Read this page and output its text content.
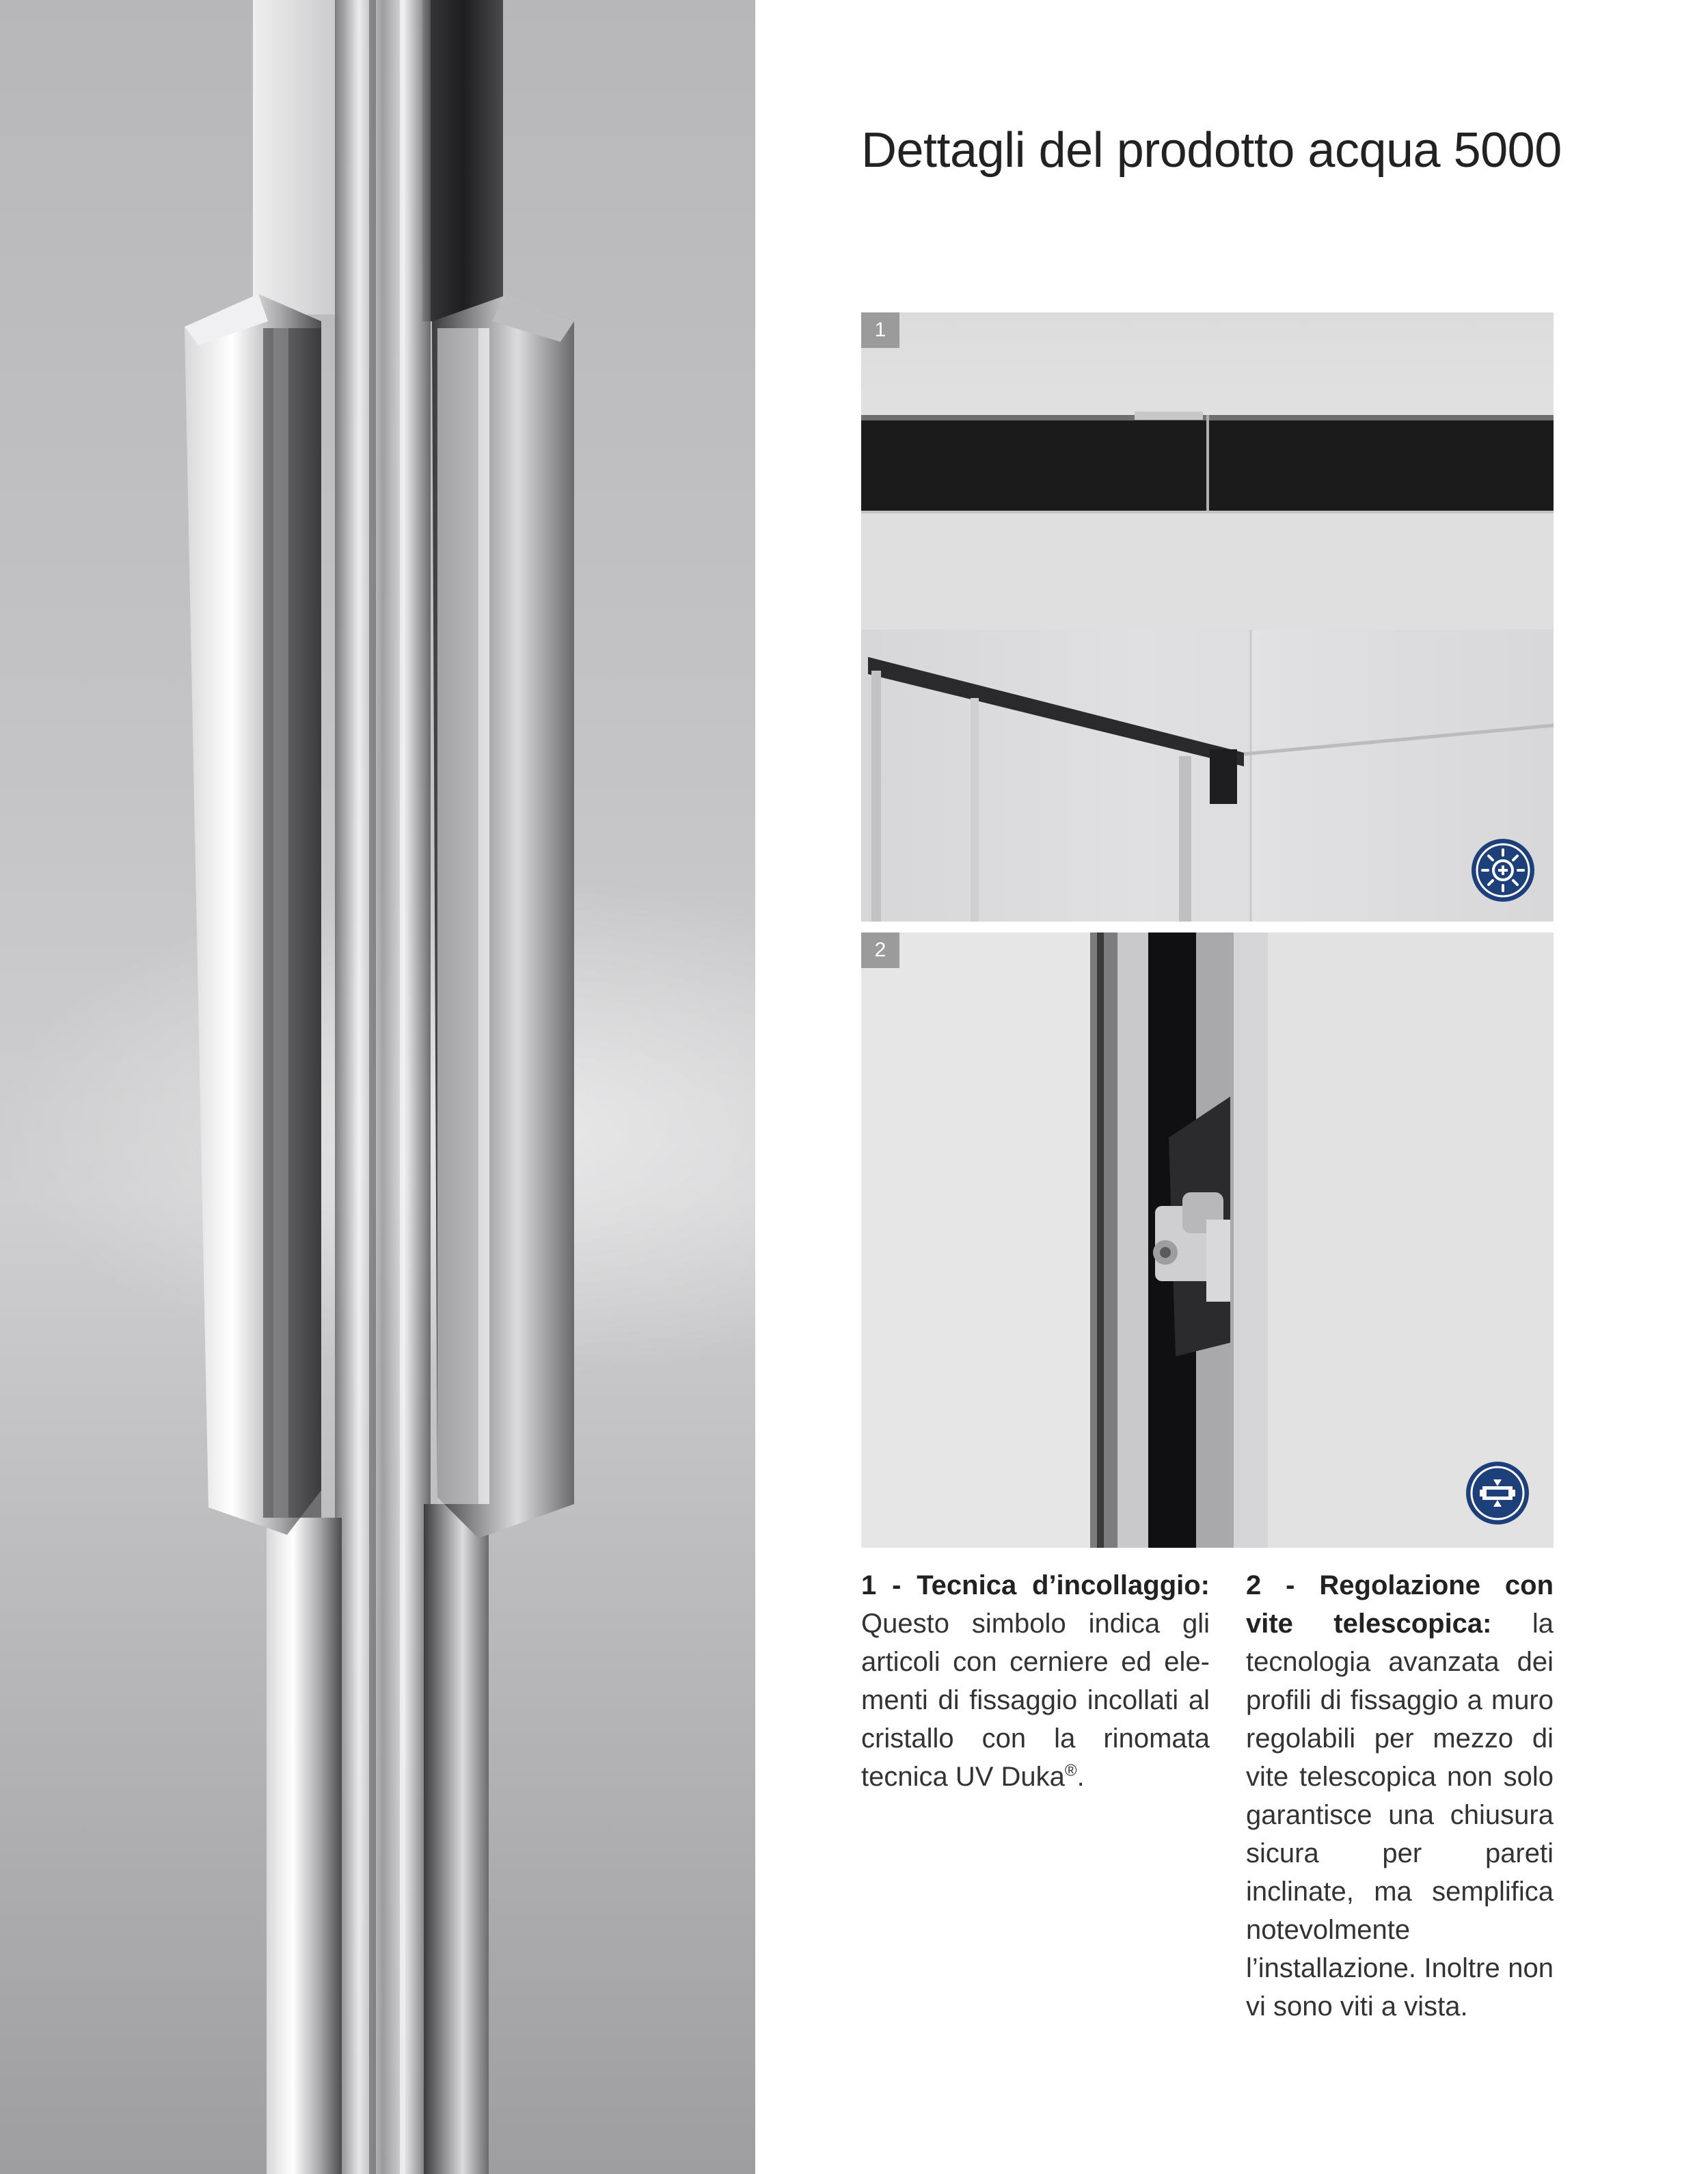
Dettagli del prodotto acqua 5000
1
2
1 - Tecnica d’incollaggio: Questo simbolo indica gli articoli con cerniere ed elementi di fissaggio incollati al cristallo con la rinomata tecnica UV Duka®.
2 - Regolazione con vite telescopica: la tecnologia avanzata dei profili di fissaggio a muro regolabili per mezzo di vite telescopica non solo garantisce una chiusura sicura per pareti inclinate, ma semplifica notevolmente l’installazione. Inoltre non vi sono viti a vista.
